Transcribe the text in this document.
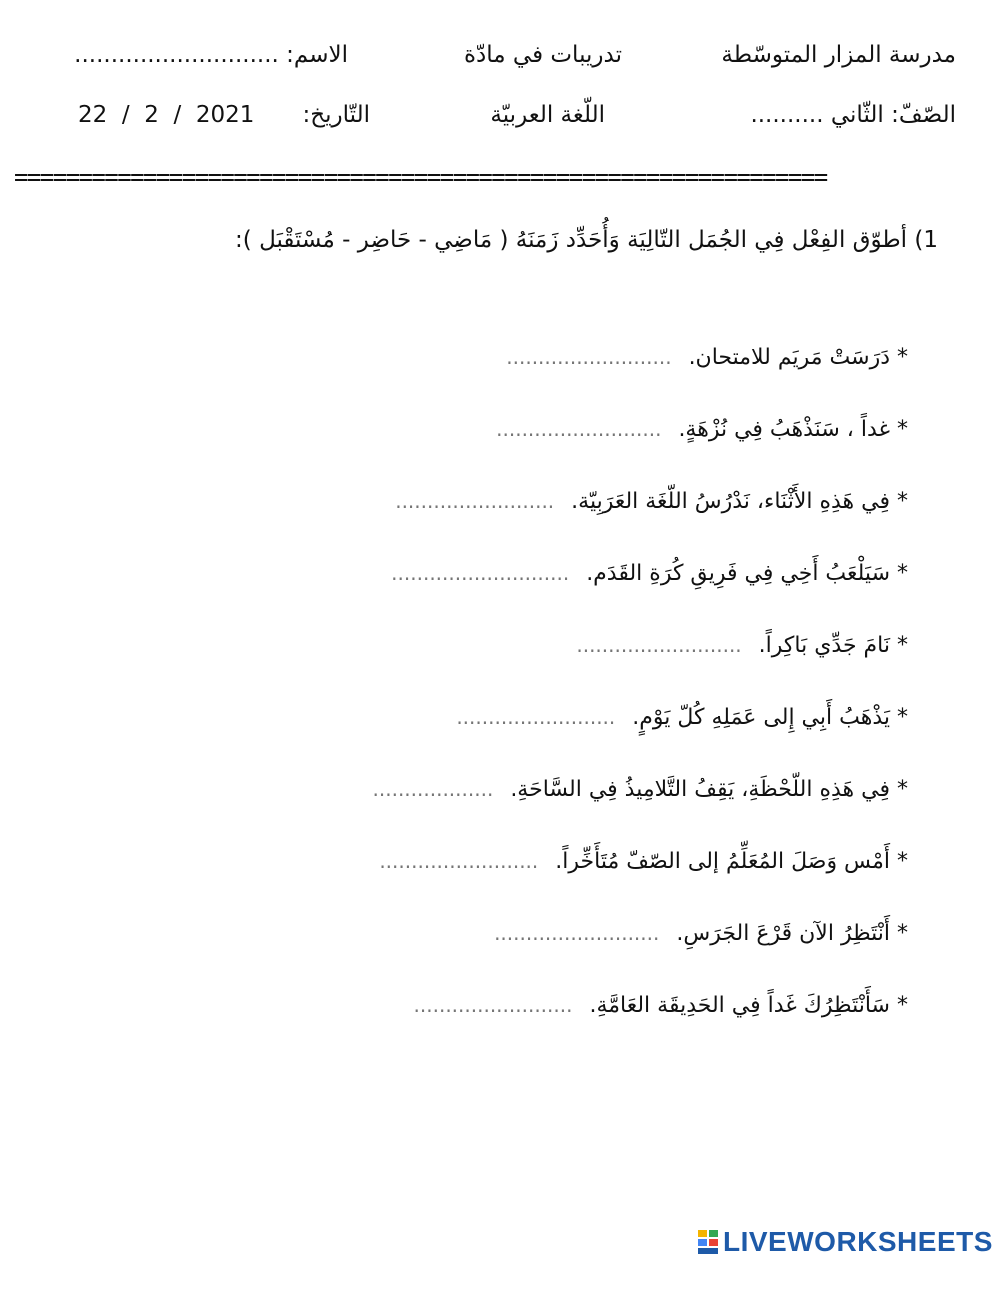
مدرسة المزار المتوسّطة
تدريبات في مادّة
الاسم: ............................
الصّفّ: الثّاني ..........
اللّغة العربيّة
التّاريخ:
22  /  2  /  2021
===============================================================
1) أطوّق الفِعْل فِي الجُمَل التّالِيَة وَأُحَدِّد زَمَنَهُ ( مَاضِي - حَاضِر - مُسْتَقْبَل ):
* دَرَسَتْ مَريَم للامتحان. ..........................
* غداً ، سَنَذْهَبُ فِي نُزْهَةٍ. ..........................
* فِي هَذِهِ الأَثْنَاء، نَدْرُسُ اللّغَة العَرَبِيّة. .........................
* سَيَلْعَبُ أَخِي فِي فَرِيقِ كُرَةِ القَدَم. ............................
* نَامَ جَدِّي بَاكِراً. ..........................
* يَذْهَبُ أَبِي إِلى عَمَلِهِ كُلّ يَوْمٍ. .........................
* فِي هَذِهِ اللّحْظَةِ، يَقِفُ التَّلامِيذُ فِي السَّاحَةِ. ...................
* أَمْس وَصَلَ المُعَلِّمُ إلى الصّفّ مُتَأَخِّراً. .........................
* أَنْتَظِرُ الآن قَرْعَ الجَرَسِ. ..........................
* سَأَنْتَظِرُكَ غَداً فِي الحَدِيقَة العَامَّةِ. .........................
LIVEWORKSHEETS
